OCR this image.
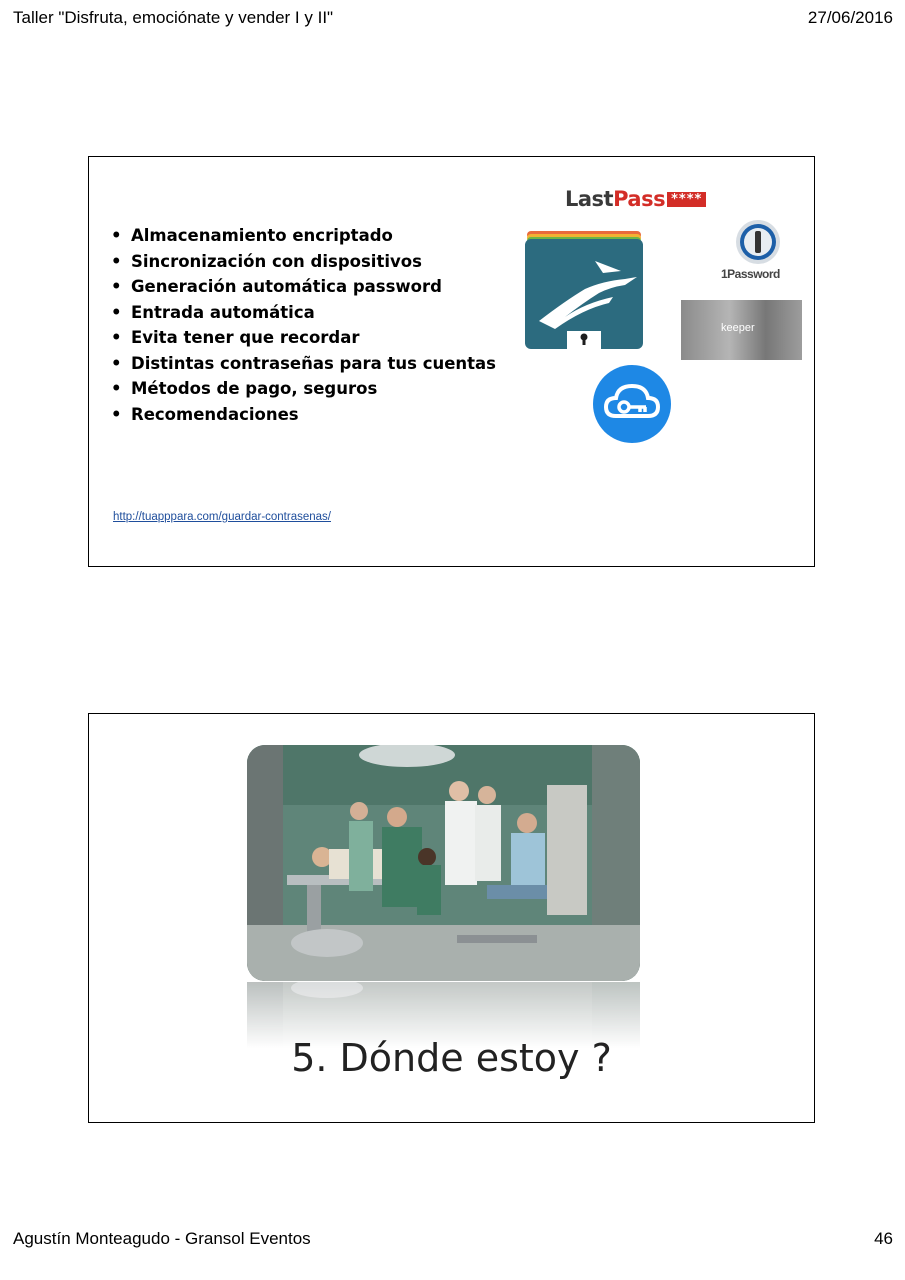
Taller "Disfruta, emociónate y vender I y II"	27/06/2016
• Almacenamiento encriptado
• Sincronización con dispositivos
• Generación automática password
• Entrada automática
• Evita tener que recordar
• Distintas contraseñas para tus cuentas
• Métodos de pago, seguros
• Recomendaciones
http://tuapppara.com/guardar-contrasenas/
LastPass ****
1Password
keeper
5. Dónde estoy ?
Agustín Monteagudo - Gransol Eventos	46
